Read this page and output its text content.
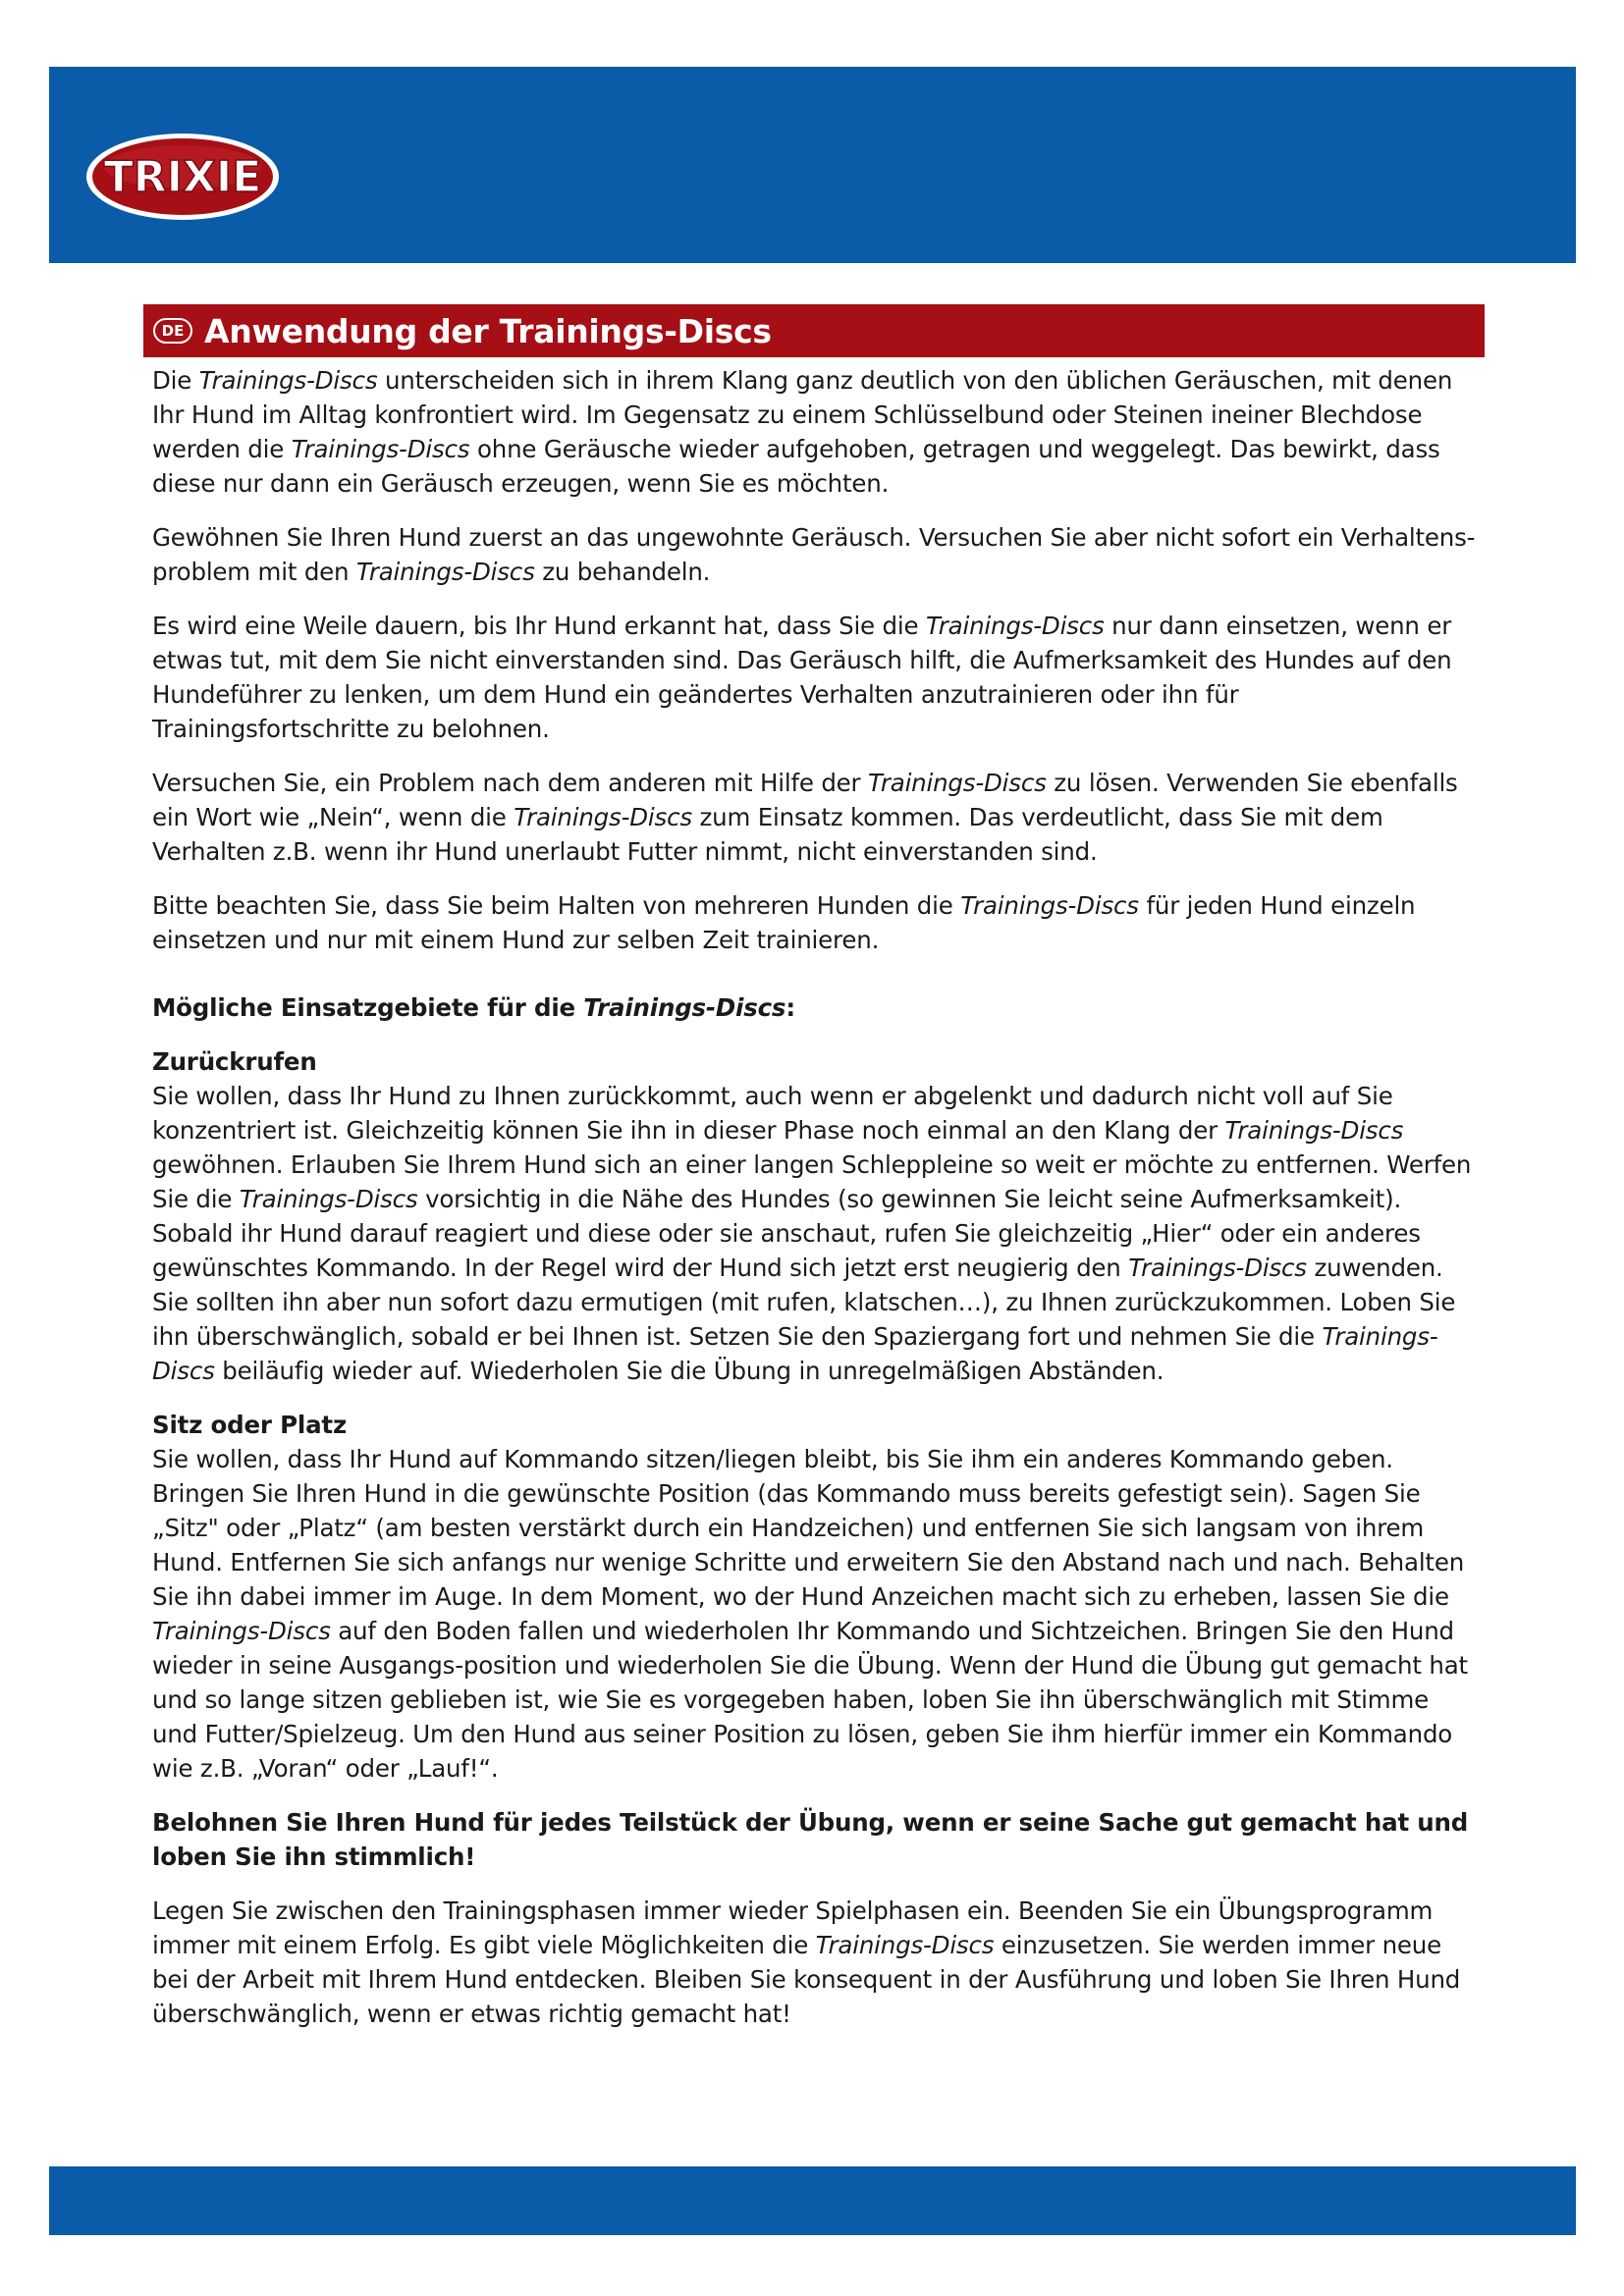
TRIXIE
DE Anwendung der Trainings-Discs

Die Trainings-Discs unterscheiden sich in ihrem Klang ganz deutlich von den üblichen Geräuschen, mit denen Ihr Hund im Alltag konfrontiert wird. Im Gegensatz zu einem Schlüsselbund oder Steinen ineiner Blechdose werden die Trainings-Discs ohne Geräusche wieder aufgehoben, getragen und weggelegt. Das bewirkt, dass diese nur dann ein Geräusch erzeugen, wenn Sie es möchten.

Gewöhnen Sie Ihren Hund zuerst an das ungewohnte Geräusch. Versuchen Sie aber nicht sofort ein Verhaltens-problem mit den Trainings-Discs zu behandeln.

Es wird eine Weile dauern, bis Ihr Hund erkannt hat, dass Sie die Trainings-Discs nur dann einsetzen, wenn er etwas tut, mit dem Sie nicht einverstanden sind. Das Geräusch hilft, die Aufmerksamkeit des Hundes auf den Hundeführer zu lenken, um dem Hund ein geändertes Verhalten anzutrainieren oder ihn für Trainingsfortschritte zu belohnen.

Versuchen Sie, ein Problem nach dem anderen mit Hilfe der Trainings-Discs zu lösen. Verwenden Sie ebenfalls ein Wort wie „Nein“, wenn die Trainings-Discs zum Einsatz kommen. Das verdeutlicht, dass Sie mit dem Verhalten z.B. wenn ihr Hund unerlaubt Futter nimmt, nicht einverstanden sind.

Bitte beachten Sie, dass Sie beim Halten von mehreren Hunden die Trainings-Discs für jeden Hund einzeln einsetzen und nur mit einem Hund zur selben Zeit trainieren.

Mögliche Einsatzgebiete für die Trainings-Discs:

Zurückrufen

Sie wollen, dass Ihr Hund zu Ihnen zurückkommt, auch wenn er abgelenkt und dadurch nicht voll auf Sie konzentriert ist. Gleichzeitig können Sie ihn in dieser Phase noch einmal an den Klang der Trainings-Discs gewöhnen. Erlauben Sie Ihrem Hund sich an einer langen Schleppleine so weit er möchte zu entfernen. Werfen Sie die Trainings-Discs vorsichtig in die Nähe des Hundes (so gewinnen Sie leicht seine Aufmerksamkeit). Sobald ihr Hund darauf reagiert und diese oder sie anschaut, rufen Sie gleichzeitig „Hier“ oder ein anderes gewünschtes Kommando. In der Regel wird der Hund sich jetzt erst neugierig den Trainings-Discs zuwenden. Sie sollten ihn aber nun sofort dazu ermutigen (mit rufen, klatschen…), zu Ihnen zurückzukommen. Loben Sie ihn überschwänglich, sobald er bei Ihnen ist. Setzen Sie den Spaziergang fort und nehmen Sie die Trainings-Discs beiläufig wieder auf. Wiederholen Sie die Übung in unregelmäßigen Abständen.

Sitz oder Platz

Sie wollen, dass Ihr Hund auf Kommando sitzen/liegen bleibt, bis Sie ihm ein anderes Kommando geben. Bringen Sie Ihren Hund in die gewünschte Position (das Kommando muss bereits gefestigt sein). Sagen Sie „Sitz" oder „Platz“ (am besten verstärkt durch ein Handzeichen) und entfernen Sie sich langsam von ihrem Hund. Entfernen Sie sich anfangs nur wenige Schritte und erweitern Sie den Abstand nach und nach. Behalten Sie ihn dabei immer im Auge. In dem Moment, wo der Hund Anzeichen macht sich zu erheben, lassen Sie die Trainings-Discs auf den Boden fallen und wiederholen Ihr Kommando und Sichtzeichen. Bringen Sie den Hund wieder in seine Ausgangs-position und wiederholen Sie die Übung. Wenn der Hund die Übung gut gemacht hat und so lange sitzen geblieben ist, wie Sie es vorgegeben haben, loben Sie ihn überschwänglich mit Stimme und Futter/Spielzeug. Um den Hund aus seiner Position zu lösen, geben Sie ihm hierfür immer ein Kommando wie z.B. „Voran“ oder „Lauf!“.

Belohnen Sie Ihren Hund für jedes Teilstück der Übung, wenn er seine Sache gut gemacht hat und loben Sie ihn stimmlich!

Legen Sie zwischen den Trainingsphasen immer wieder Spielphasen ein. Beenden Sie ein Übungsprogramm immer mit einem Erfolg. Es gibt viele Möglichkeiten die Trainings-Discs einzusetzen. Sie werden immer neue bei der Arbeit mit Ihrem Hund entdecken. Bleiben Sie konsequent in der Ausführung und loben Sie Ihren Hund überschwänglich, wenn er etwas richtig gemacht hat!
